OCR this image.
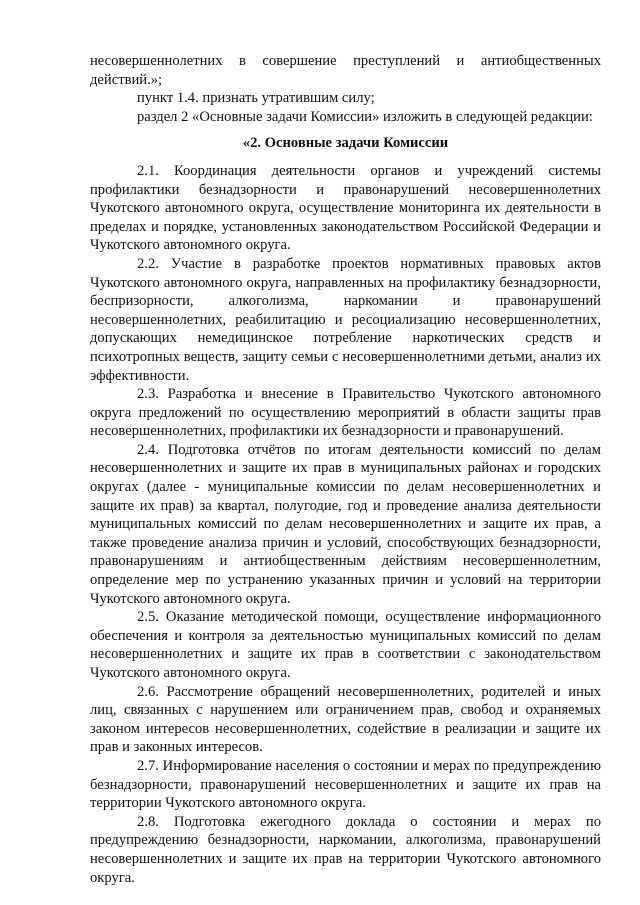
несовершеннолетних в совершение преступлений и антиобщественных действий.»;

пункт 1.4. признать утратившим силу;

раздел 2 «Основные задачи Комиссии» изложить в следующей редакции:

«2. Основные задачи Комиссии

2.1. Координация деятельности органов и учреждений системы профилактики безнадзорности и правонарушений несовершеннолетних Чукотского автономного округа, осуществление мониторинга их деятельности в пределах и порядке, установленных законодательством Российской Федерации и Чукотского автономного округа.

2.2. Участие в разработке проектов нормативных правовых актов Чукотского автономного округа, направленных на профилактику безнадзорности, беспризорности, алкоголизма, наркомании и правонарушений несовершеннолетних, реабилитацию и ресоциализацию несовершеннолетних, допускающих немедицинское потребление наркотических средств и психотропных веществ, защиту семьи с несовершеннолетними детьми, анализ их эффективности.

2.3. Разработка и внесение в Правительство Чукотского автономного округа предложений по осуществлению мероприятий в области защиты прав несовершеннолетних, профилактики их безнадзорности и правонарушений.

2.4. Подготовка отчётов по итогам деятельности комиссий по делам несовершеннолетних и защите их прав в муниципальных районах и городских округах (далее - муниципальные комиссии по делам несовершеннолетних и защите их прав) за квартал, полугодие, год и проведение анализа деятельности муниципальных комиссий по делам несовершеннолетних и защите их прав, а также проведение анализа причин и условий, способствующих безнадзорности, правонарушениям и антиобщественным действиям несовершеннолетним, определение мер по устранению указанных причин и условий на территории Чукотского автономного округа.

2.5. Оказание методической помощи, осуществление информационного обеспечения и контроля за деятельностью муниципальных комиссий по делам несовершеннолетних и защите их прав в соответствии с законодательством Чукотского автономного округа.

2.6. Рассмотрение обращений несовершеннолетних, родителей и иных лиц, связанных с нарушением или ограничением прав, свобод и охраняемых законом интересов несовершеннолетних, содействие в реализации и защите их прав и законных интересов.

2.7. Информирование населения о состоянии и мерах по предупреждению безнадзорности, правонарушений несовершеннолетних и защите их прав на территории Чукотского автономного округа.

2.8. Подготовка ежегодного доклада о состоянии и мерах по предупреждению безнадзорности, наркомании, алкоголизма, правонарушений несовершеннолетних и защите их прав на территории Чукотского автономного округа.
